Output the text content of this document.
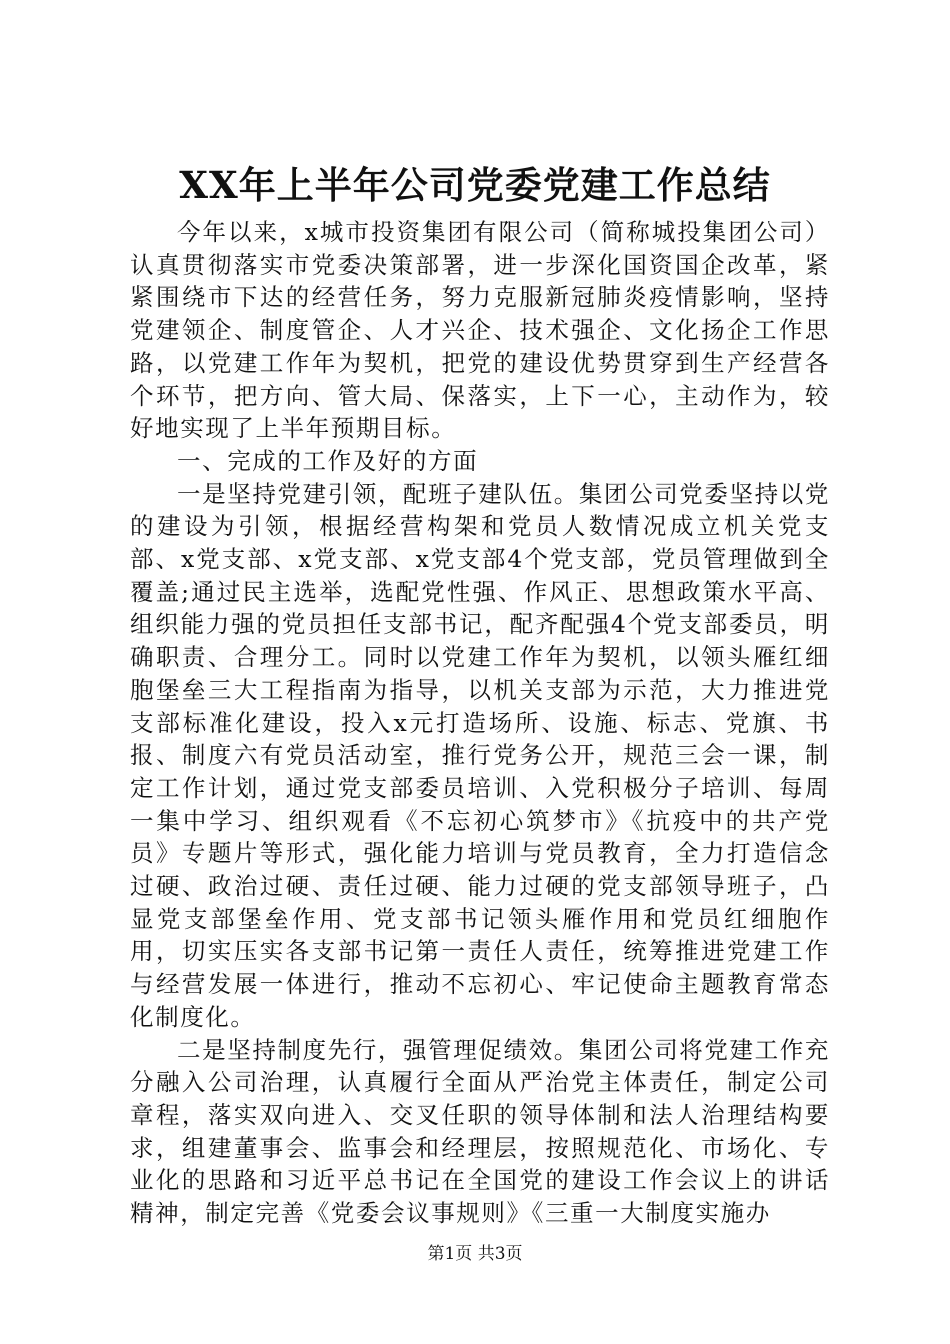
XX年上半年公司党委党建工作总结

今年以来，x城市投资集团有限公司（简称城投集团公司）认真贯彻落实市党委决策部署，进一步深化国资国企改革，紧紧围绕市下达的经营任务，努力克服新冠肺炎疫情影响，坚持党建领企、制度管企、人才兴企、技术强企、文化扬企工作思路，以党建工作年为契机，把党的建设优势贯穿到生产经营各个环节，把方向、管大局、保落实，上下一心，主动作为，较好地实现了上半年预期目标。

一、完成的工作及好的方面

一是坚持党建引领，配班子建队伍。集团公司党委坚持以党的建设为引领，根据经营构架和党员人数情况成立机关党支部、x党支部、x党支部、x党支部4个党支部，党员管理做到全覆盖;通过民主选举，选配党性强、作风正、思想政策水平高、组织能力强的党员担任支部书记，配齐配强4个党支部委员，明确职责、合理分工。同时以党建工作年为契机，以领头雁红细胞堡垒三大工程指南为指导，以机关支部为示范，大力推进党支部标准化建设，投入x元打造场所、设施、标志、党旗、书报、制度六有党员活动室，推行党务公开，规范三会一课，制定工作计划，通过党支部委员培训、入党积极分子培训、每周一集中学习、组织观看《不忘初心筑梦市》《抗疫中的共产党员》专题片等形式，强化能力培训与党员教育，全力打造信念过硬、政治过硬、责任过硬、能力过硬的党支部领导班子，凸显党支部堡垒作用、党支部书记领头雁作用和党员红细胞作用，切实压实各支部书记第一责任人责任，统筹推进党建工作与经营发展一体进行，推动不忘初心、牢记使命主题教育常态化制度化。

二是坚持制度先行，强管理促绩效。集团公司将党建工作充分融入公司治理，认真履行全面从严治党主体责任，制定公司章程，落实双向进入、交叉任职的领导体制和法人治理结构要求，组建董事会、监事会和经理层，按照规范化、市场化、专业化的思路和习近平总书记在全国党的建设工作会议上的讲话精神，制定完善《党委会议事规则》《三重一大制度实施办

第1页 共3页
